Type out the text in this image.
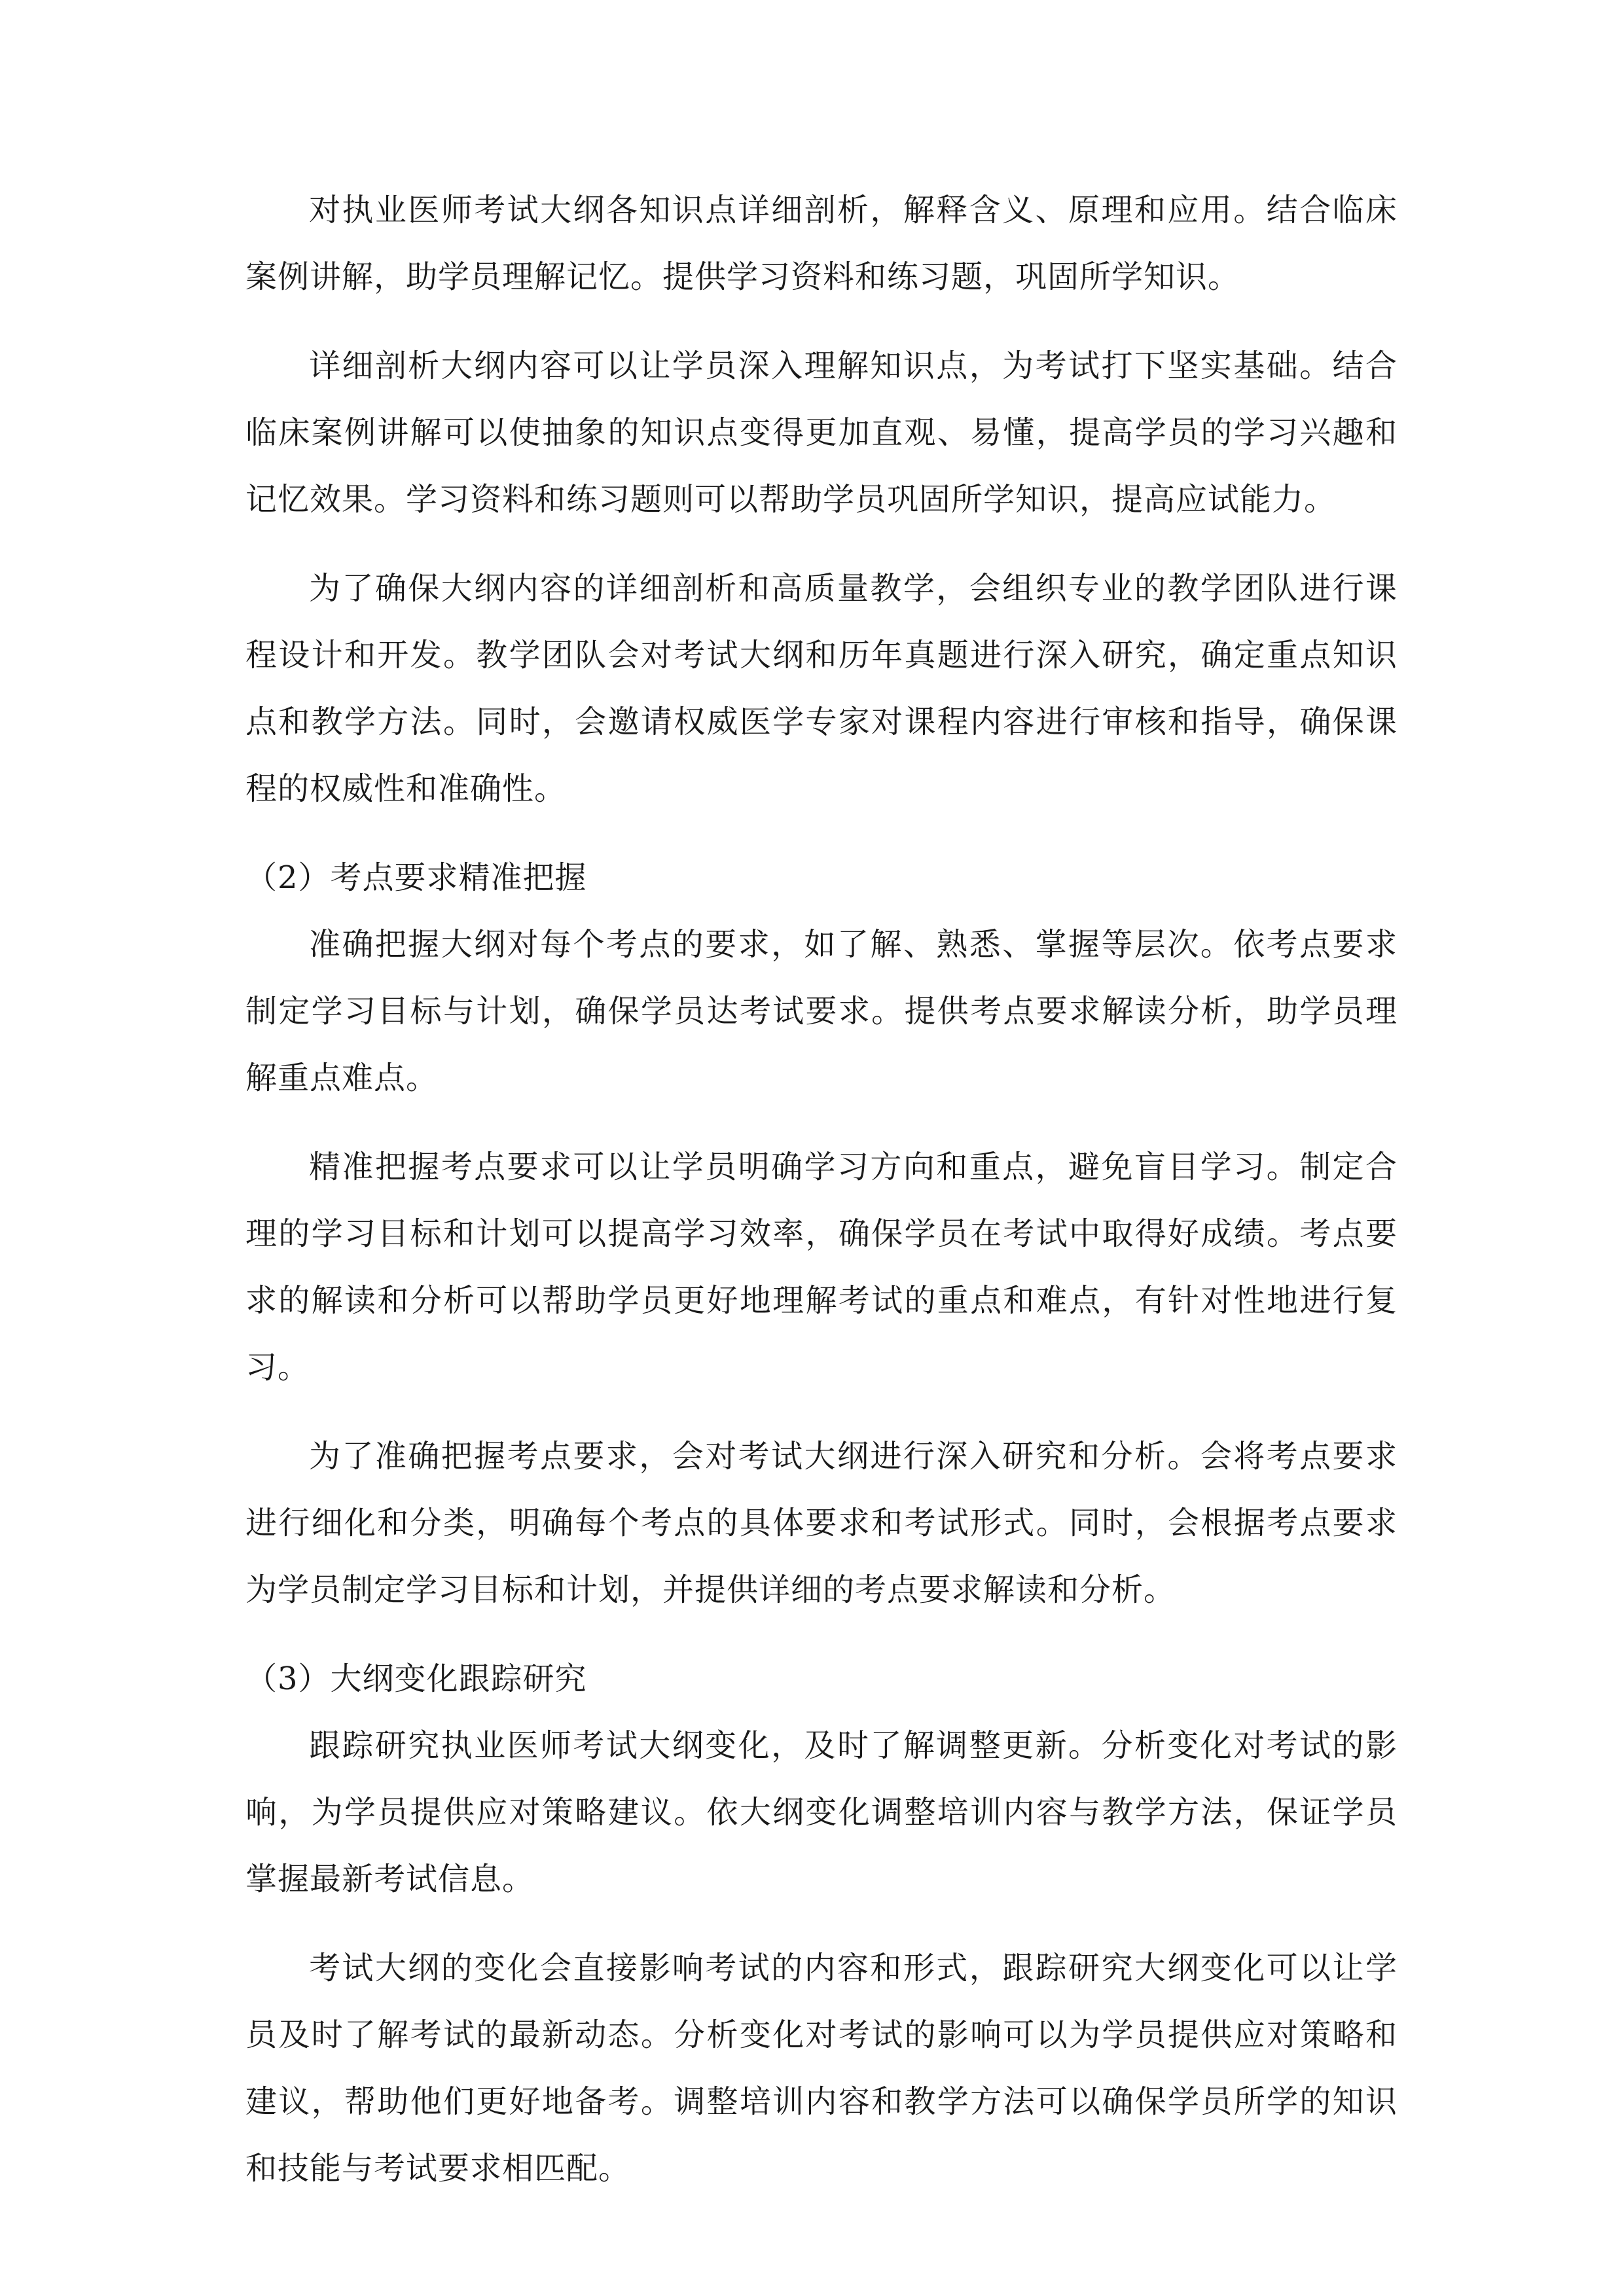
对执业医师考试大纲各知识点详细剖析，解释含义、原理和应用。结合临床案例讲解，助学员理解记忆。提供学习资料和练习题，巩固所学知识。

详细剖析大纲内容可以让学员深入理解知识点，为考试打下坚实基础。结合临床案例讲解可以使抽象的知识点变得更加直观、易懂，提高学员的学习兴趣和记忆效果。学习资料和练习题则可以帮助学员巩固所学知识，提高应试能力。

为了确保大纲内容的详细剖析和高质量教学，会组织专业的教学团队进行课程设计和开发。教学团队会对考试大纲和历年真题进行深入研究，确定重点知识点和教学方法。同时，会邀请权威医学专家对课程内容进行审核和指导，确保课程的权威性和准确性。

（2）考点要求精准把握

准确把握大纲对每个考点的要求，如了解、熟悉、掌握等层次。依考点要求制定学习目标与计划，确保学员达考试要求。提供考点要求解读分析，助学员理解重点难点。

精准把握考点要求可以让学员明确学习方向和重点，避免盲目学习。制定合理的学习目标和计划可以提高学习效率，确保学员在考试中取得好成绩。考点要求的解读和分析可以帮助学员更好地理解考试的重点和难点，有针对性地进行复习。

为了准确把握考点要求，会对考试大纲进行深入研究和分析。会将考点要求进行细化和分类，明确每个考点的具体要求和考试形式。同时，会根据考点要求为学员制定学习目标和计划，并提供详细的考点要求解读和分析。

（3）大纲变化跟踪研究

跟踪研究执业医师考试大纲变化，及时了解调整更新。分析变化对考试的影响，为学员提供应对策略建议。依大纲变化调整培训内容与教学方法，保证学员掌握最新考试信息。

考试大纲的变化会直接影响考试的内容和形式，跟踪研究大纲变化可以让学员及时了解考试的最新动态。分析变化对考试的影响可以为学员提供应对策略和建议，帮助他们更好地备考。调整培训内容和教学方法可以确保学员所学的知识和技能与考试要求相匹配。
